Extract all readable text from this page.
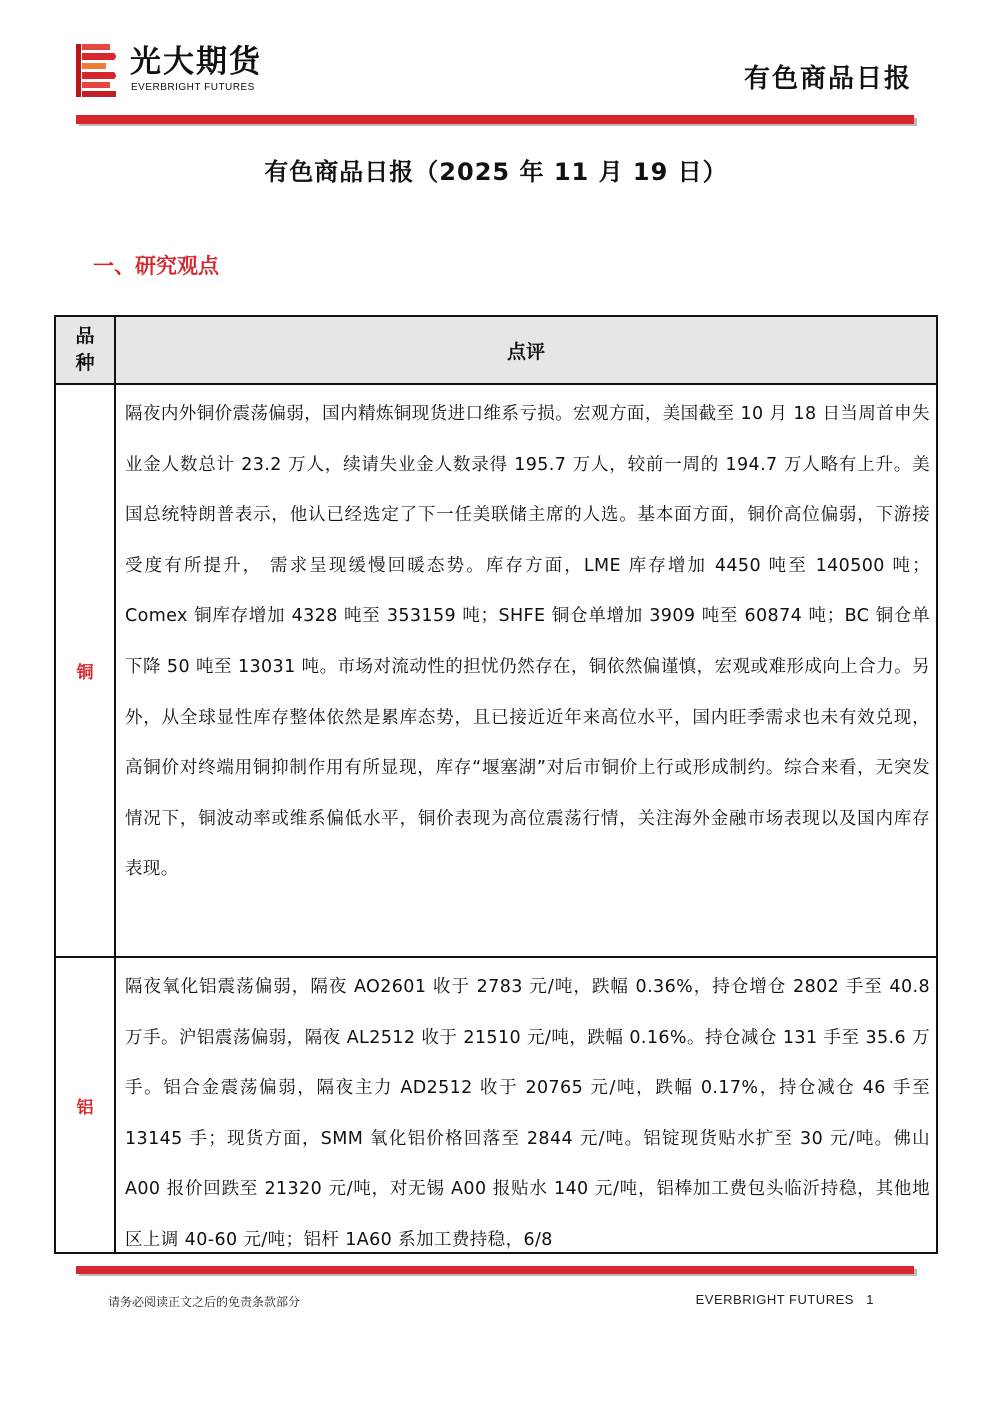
光大期货
EVERBRIGHT FUTURES	有色商品日报
有色商品日报（2025 年 11 月 19 日）
一、研究观点
品种
点评
铜
隔夜内外铜价震荡偏弱，国内精炼铜现货进口维系亏损。宏观方面，美国截至 10 月 18 日当周首申失业金人数总计 23.2 万人，续请失业金人数录得 195.7 万人，较前一周的 194.7 万人略有上升。美国总统特朗普表示，他认已经选定了下一任美联储主席的人选。基本面方面，铜价高位偏弱，下游接受度有所提升， 需求呈现缓慢回暖态势。库存方面，LME 库存增加 4450 吨至 140500 吨；Comex 铜库存增加 4328 吨至 353159 吨；SHFE 铜仓单增加 3909 吨至 60874 吨；BC 铜仓单下降 50 吨至 13031 吨。市场对流动性的担忧仍然存在，铜依然偏谨慎，宏观或难形成向上合力。另外，从全球显性库存整体依然是累库态势，且已接近近年来高位水平，国内旺季需求也未有效兑现，高铜价对终端用铜抑制作用有所显现，库存“堰塞湖”对后市铜价上行或形成制约。综合来看，无突发情况下，铜波动率或维系偏低水平，铜价表现为高位震荡行情，关注海外金融市场表现以及国内库存表现。
铝
隔夜氧化铝震荡偏弱，隔夜 AO2601 收于 2783 元/吨，跌幅 0.36%，持仓增仓 2802 手至 40.8 万手。沪铝震荡偏弱，隔夜 AL2512 收于 21510 元/吨，跌幅 0.16%。持仓减仓 131 手至 35.6 万手。铝合金震荡偏弱，隔夜主力 AD2512 收于 20765 元/吨，跌幅 0.17%，持仓减仓 46 手至 13145 手；现货方面，SMM 氧化铝价格回落至 2844 元/吨。铝锭现货贴水扩至 30 元/吨。佛山 A00 报价回跌至 21320 元/吨，对无锡 A00 报贴水 140 元/吨，铝棒加工费包头临沂持稳，其他地区上调 40-60 元/吨；铝杆 1A60 系加工费持稳，6/8
请务必阅读正文之后的免责条款部分	EVERBRIGHT FUTURES 1
